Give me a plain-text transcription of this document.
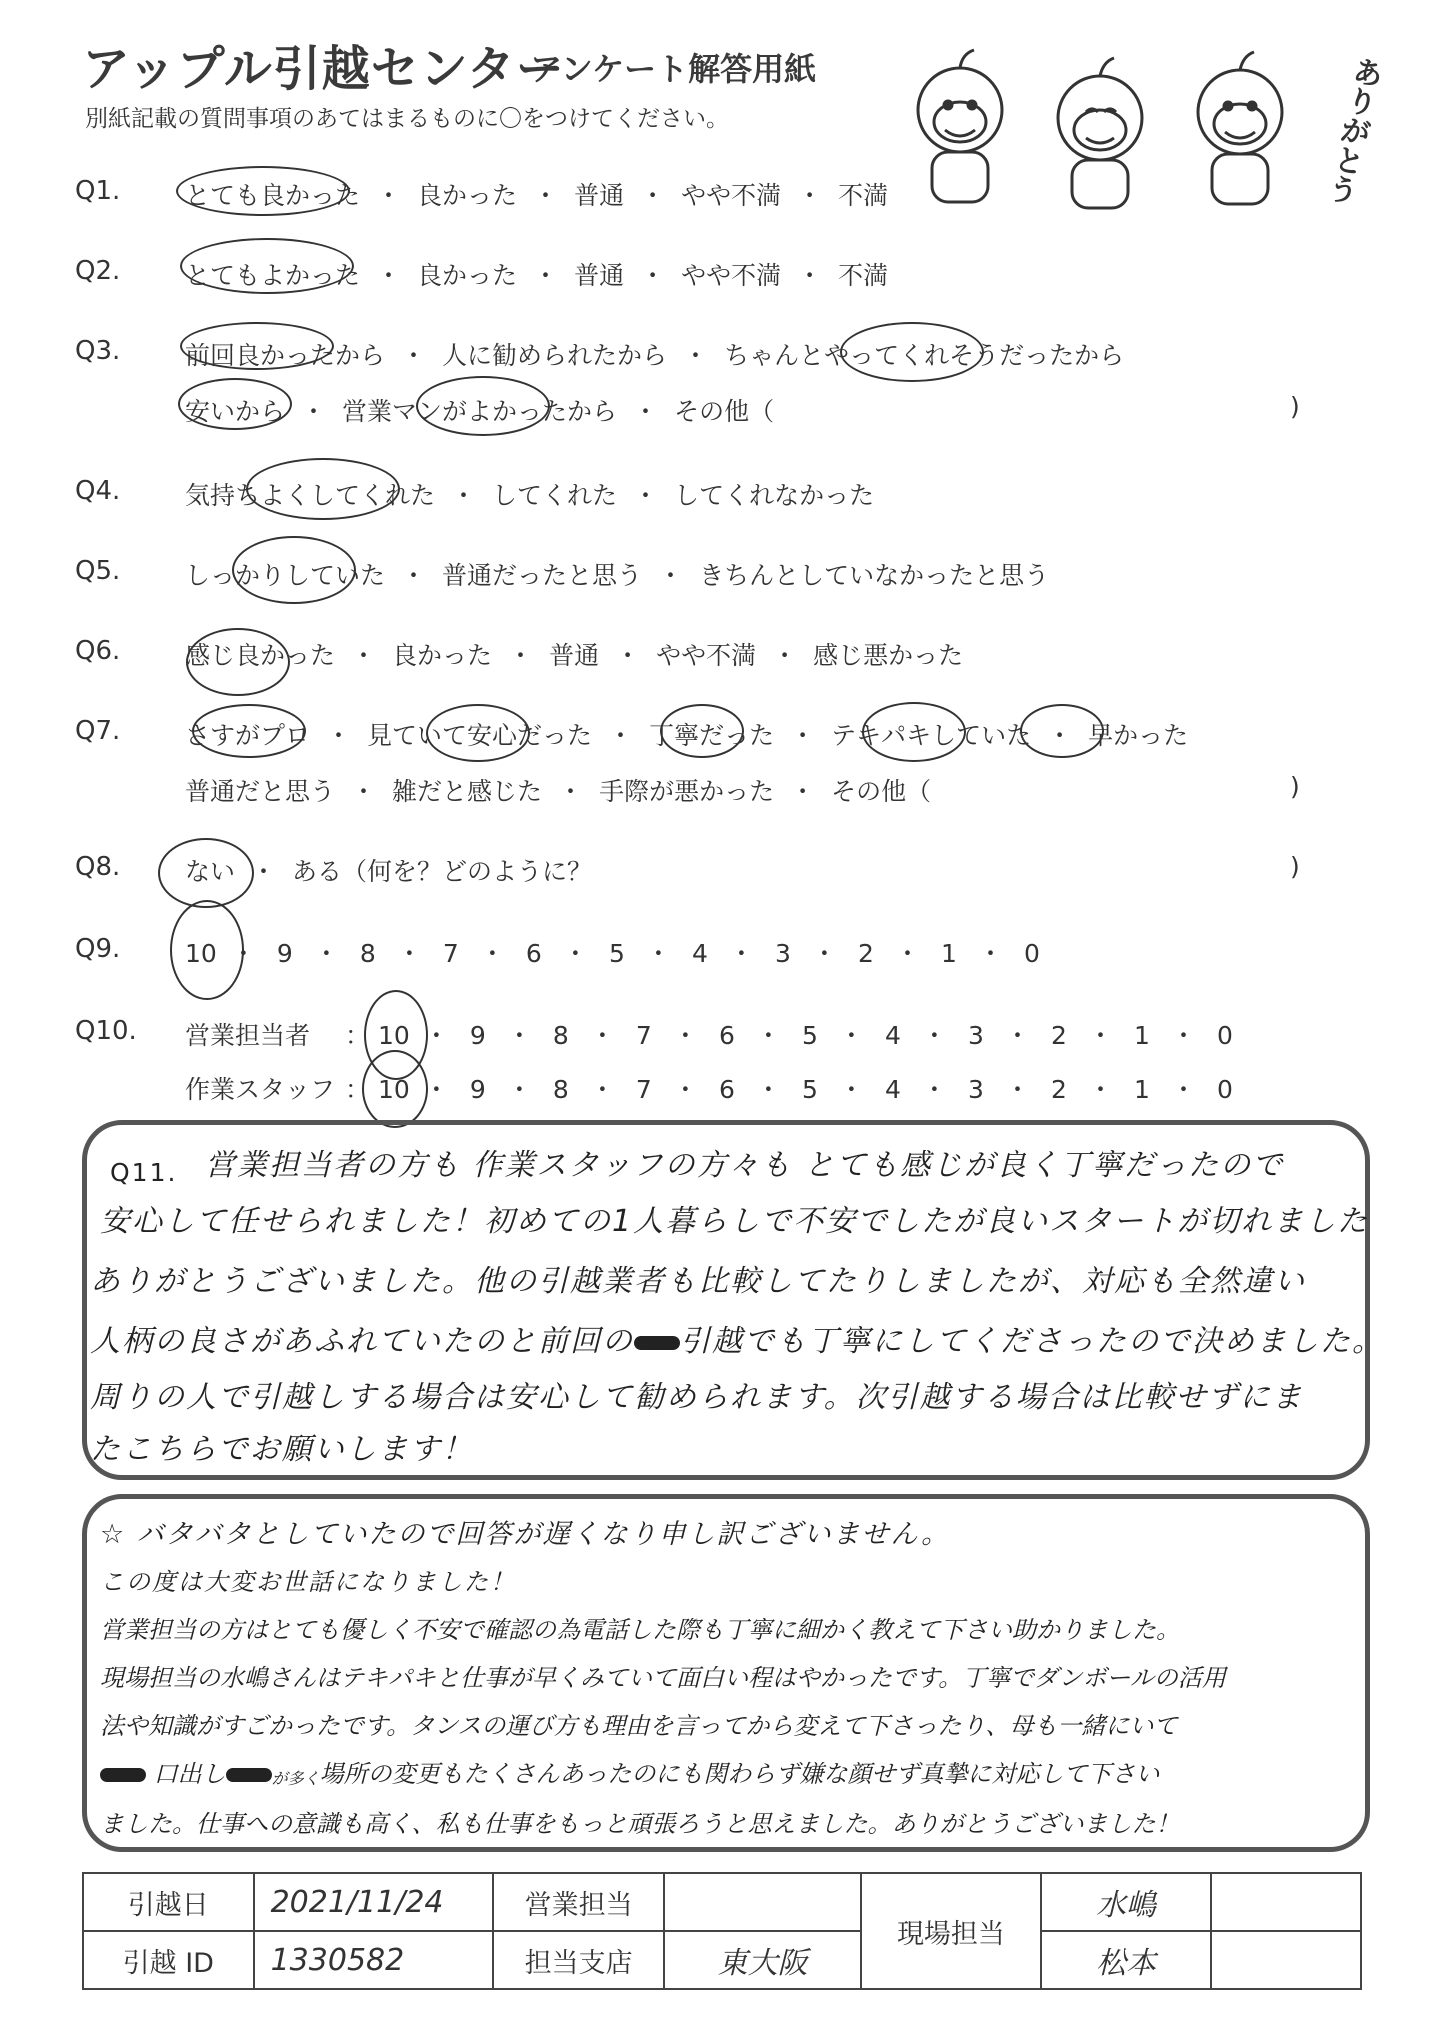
アップル引越センター
アンケート解答用紙
別紙記載の質問事項のあてはまるものに〇をつけてください。	ありがとう
Q1.	とても良かった ・ 良かった ・ 普通 ・ やや不満 ・ 不満
Q2.	とてもよかった ・ 良かった ・ 普通 ・ やや不満 ・ 不満
Q3.	前回良かったから ・ 人に勧められたから ・ ちゃんとやってくれそうだったから
安いから ・ 営業マンがよかったから ・ その他（	)
Q4.	気持ちよくしてくれた ・ してくれた ・ してくれなかった
Q5.	しっかりしていた ・ 普通だったと思う ・ きちんとしていなかったと思う
Q6.	感じ良かった ・ 良かった ・ 普通 ・ やや不満 ・ 感じ悪かった
Q7.	さすがプロ ・ 見ていて安心だった ・ 丁寧だった ・ テキパキしていた ・ 早かった
普通だと思う ・ 雑だと感じた ・ 手際が悪かった ・ その他（	)
Q8.	ない ・ ある（何を？どのように？	)
Q9.	10 ・ 9 ・ 8 ・ 7 ・ 6 ・ 5 ・ 4 ・ 3 ・ 2 ・ 1 ・ 0
Q10. 営業担当者 ： 10 ・ 9 ・ 8 ・ 7 ・ 6 ・ 5 ・ 4 ・ 3 ・ 2 ・ 1 ・ 0
作業スタッフ ： 10 ・ 9 ・ 8 ・ 7 ・ 6 ・ 5 ・ 4 ・ 3 ・ 2 ・ 1 ・ 0
Q11. 営業担当者の方も 作業スタッフの方々も とても感じが良く丁寧だったので
安心して任せられました！初めての1人暮らしで不安でしたが良いスタートが切れました
ありがとうございました。他の引越業者も比較してたりしましたが、対応も全然違い
人柄の良さがあふれていたのと前回の 引越でも丁寧にしてくださったので決めました。
周りの人で引越しする場合は安心して勧められます。次引越する場合は比較せずにま
たこちらでお願いします！
☆ バタバタとしていたので回答が遅くなり申し訳ございません。
この度は大変お世話になりました！
営業担当の方はとても優しく不安で確認の為電話した際も丁寧に細かく教えて下さい助かりました。
現場担当の水嶋さんはテキパキと仕事が早くみていて面白い程はやかったです。丁寧でダンボールの活用
法や知識がすごかったです。タンスの運び方も理由を言ってから変えて下さったり、母も一緒にいて
口出し	が多く場所の変更もたくさんあったのにも関わらず嫌な顔せず真摯に対応して下さい
ました。仕事への意識も高く、私も仕事をもっと頑張ろうと思えました。ありがとうございました！
引越日	2021/11/24	営業担当		現場担当	水嶋	
引越 ID	1330582	担当支店	東大阪		松本	
